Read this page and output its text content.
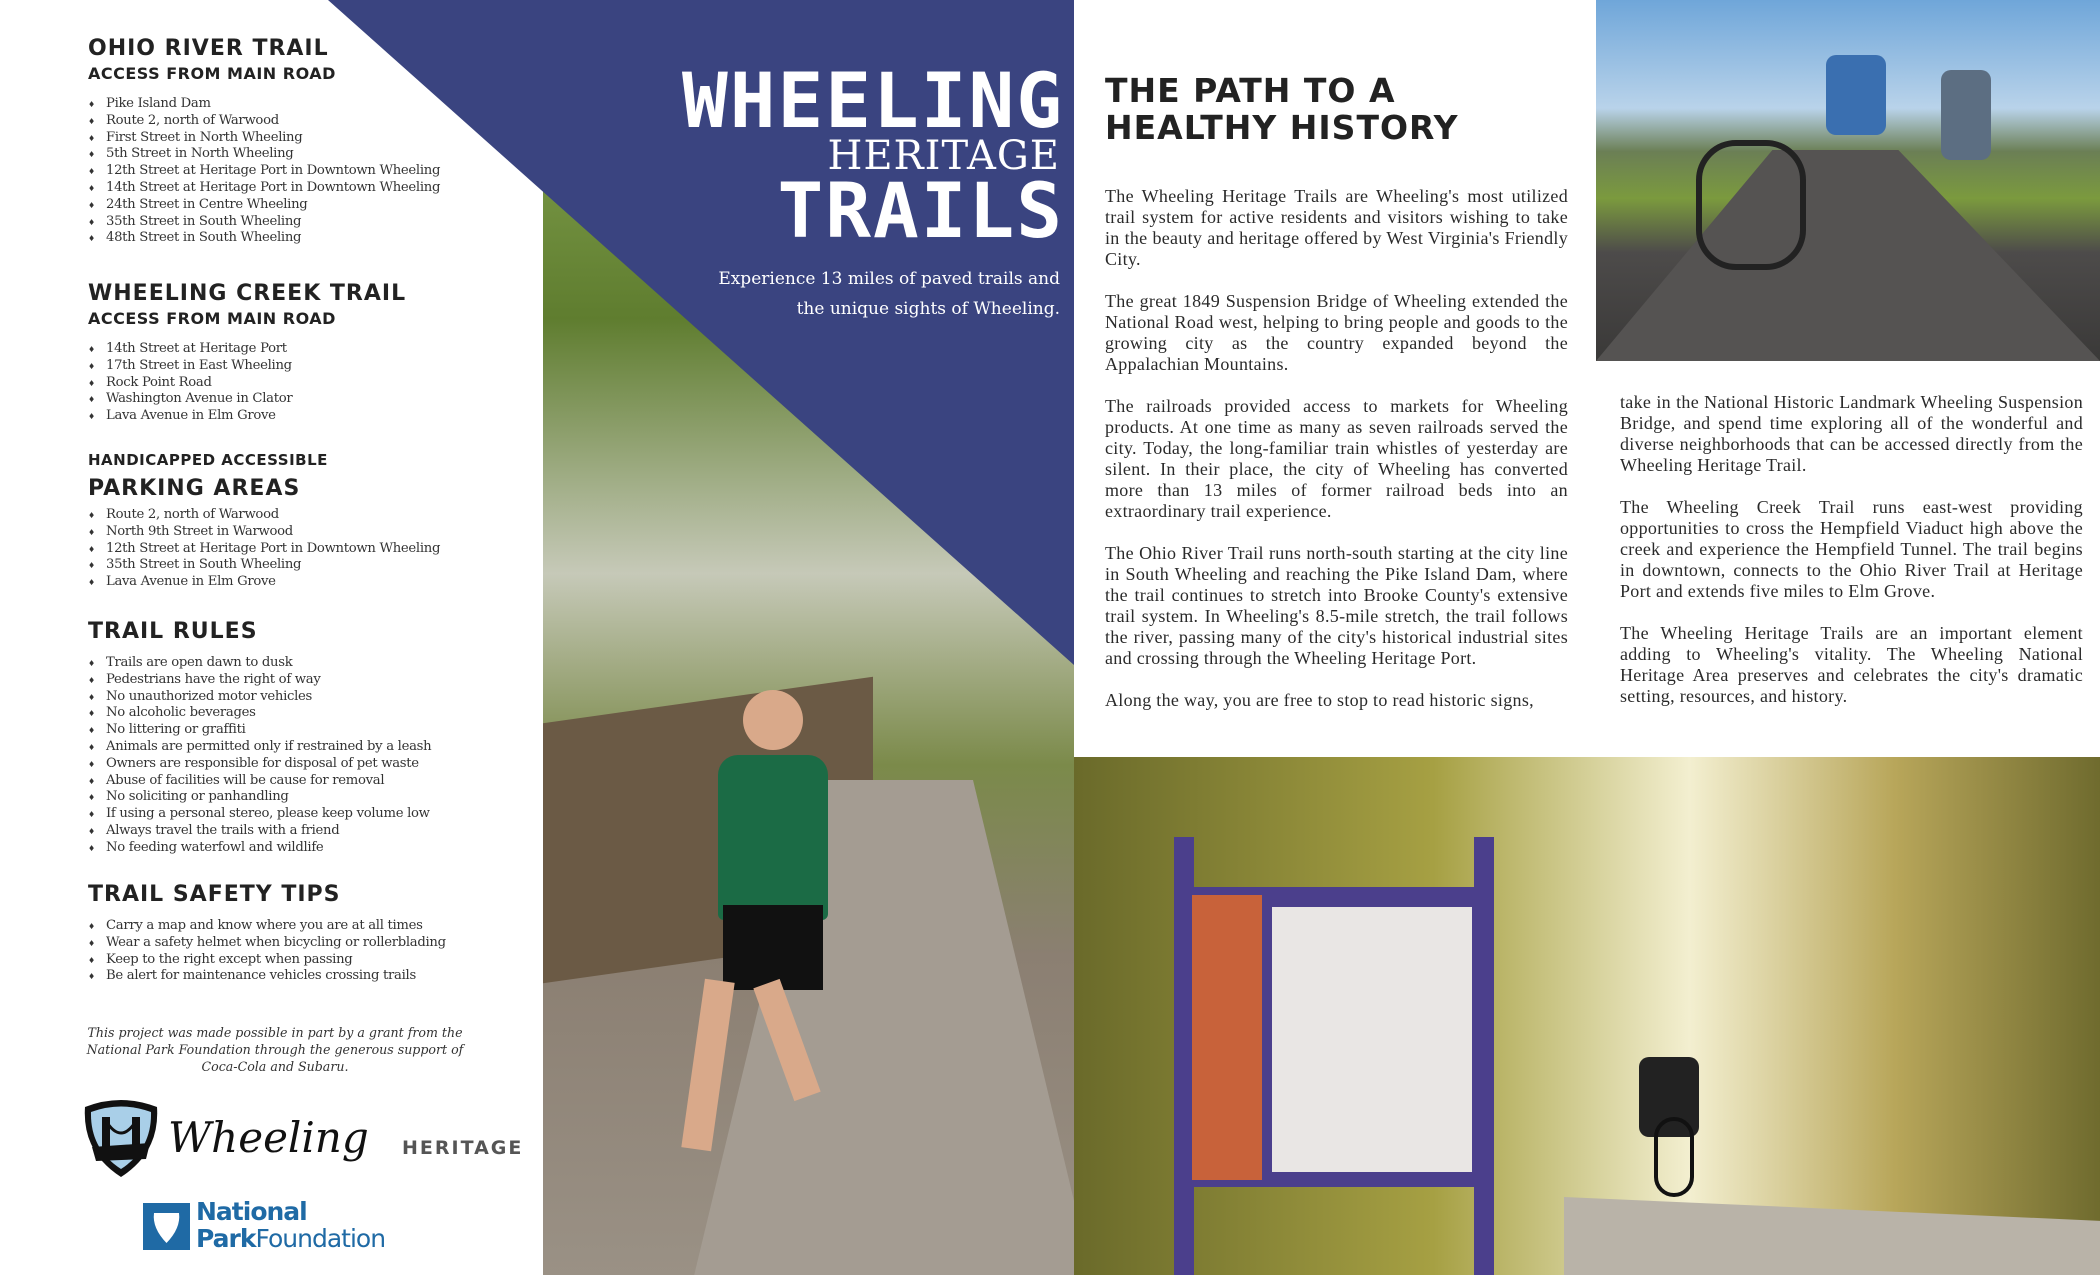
OHIO RIVER TRAIL
ACCESS FROM MAIN ROAD
♦ Pike Island Dam
♦ Route 2, north of Warwood
♦ First Street in North Wheeling
♦ 5th Street in North Wheeling
♦ 12th Street at Heritage Port in Downtown Wheeling
♦ 14th Street at Heritage Port in Downtown Wheeling
♦ 24th Street in Centre Wheeling
♦ 35th Street in South Wheeling
♦ 48th Street in South Wheeling
WHEELING CREEK TRAIL
ACCESS FROM MAIN ROAD
♦ 14th Street at Heritage Port
♦ 17th Street in East Wheeling
♦ Rock Point Road
♦ Washington Avenue in Clator
♦ Lava Avenue in Elm Grove
HANDICAPPED ACCESSIBLE
PARKING AREAS
♦ Route 2, north of Warwood
♦ North 9th Street in Warwood
♦ 12th Street at Heritage Port in Downtown Wheeling
♦ 35th Street in South Wheeling
♦ Lava Avenue in Elm Grove
TRAIL RULES
♦ Trails are open dawn to dusk
♦ Pedestrians have the right of way
♦ No unauthorized motor vehicles
♦ No alcoholic beverages
♦ No littering or graffiti
♦ Animals are permitted only if restrained by a leash
♦ Owners are responsible for disposal of pet waste
♦ Abuse of facilities will be cause for removal
♦ No soliciting or panhandling
♦ If using a personal stereo, please keep volume low
♦ Always travel the trails with a friend
♦ No feeding waterfowl and wildlife
TRAIL SAFETY TIPS
♦ Carry a map and know where you are at all times
♦ Wear a safety helmet when bicycling or rollerblading
♦ Keep to the right except when passing
♦ Be alert for maintenance vehicles crossing trails
This project was made possible in part by a grant from the National Park Foundation through the generous support of Coca-Cola and Subaru.
Wheeling HERITAGE
National
ParkFoundation
WHEELING
HERITAGE
TRAILS
Experience 13 miles of paved trails and
the unique sights of Wheeling.
THE PATH TO A
HEALTHY HISTORY

The Wheeling Heritage Trails are Wheeling's most utilized trail system for active residents and visitors wishing to take in the beauty and heritage offered by West Virginia's Friendly City.

The great 1849 Suspension Bridge of Wheeling extended the National Road west, helping to bring people and goods to the growing city as the country expanded beyond the Appalachian Mountains.

The railroads provided access to markets for Wheeling products. At one time as many as seven railroads served the city. Today, the long-familiar train whistles of yesterday are silent. In their place, the city of Wheeling has converted more than 13 miles of former railroad beds into an extraordinary trail experience.

The Ohio River Trail runs north-south starting at the city line in South Wheeling and reaching the Pike Island Dam, where the trail continues to stretch into Brooke County's extensive trail system. In Wheeling's 8.5-mile stretch, the trail follows the river, passing many of the city's historical industrial sites and crossing through the Wheeling Heritage Port.

Along the way, you are free to stop to read historic signs,

take in the National Historic Landmark Wheeling Suspension Bridge, and spend time exploring all of the wonderful and diverse neighborhoods that can be accessed directly from the Wheeling Heritage Trail.

The Wheeling Creek Trail runs east-west providing opportunities to cross the Hempfield Viaduct high above the creek and experience the Hempfield Tunnel. The trail begins in downtown, connects to the Ohio River Trail at Heritage Port and extends five miles to Elm Grove.

The Wheeling Heritage Trails are an important element adding to Wheeling's vitality. The Wheeling National Heritage Area preserves and celebrates the city's dramatic setting, resources, and history.
